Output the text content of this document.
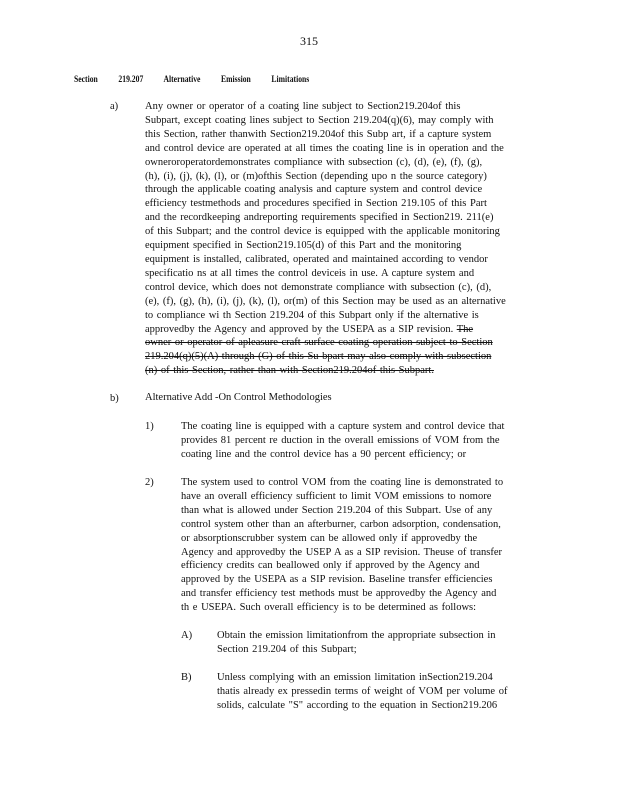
315
Section 219.207 Alternative Emission Limitations
a)	Any owner or operator of a coating line subject to Section219.204of this
Subpart, except coating lines subject to Section 219.204(q)(6), may comply with
this Section, rather thanwith Section219.204of this Subp art, if a capture system
and control device are operated at all times the coating line is in operation and the
owneroroperatordemonstrates compliance with subsection (c), (d), (e), (f), (g),
(h), (i), (j), (k), (l), or (m)ofthis Section (depending upo n the source category)
through the applicable coating analysis and capture system and control device
efficiency testmethods and procedures specified in Section 219.105 of this Part
and the recordkeeping andreporting requirements specified in Section219. 211(e)
of this Subpart; and the control device is equipped with the applicable monitoring
equipment specified in Section219.105(d) of this Part and the monitoring
equipment is installed, calibrated, operated and maintained according to vendor
specificatio ns at all times the control deviceis in use. A capture system and
control device, which does not demonstrate compliance with subsection (c), (d),
(e), (f), (g), (h), (i), (j), (k), (l), or(m) of this Section may be used as an alternative
to compliance wi th Section 219.204 of this Subpart only if the alternative is
approvedby the Agency and approved by the USEPA as a SIP revision. The
owner or operator of apleasure craft surface coating operation subject to Section
219.204(q)(5)(A) through (G) of this Su bpart may also comply with subsection
(n) of this Section, rather than with Section219.204of this Subpart.
b)	Alternative Add -On Control Methodologies
1)	The coating line is equipped with a capture system and control device that
provides 81 percent re duction in the overall emissions of VOM from the
coating line and the control device has a 90 percent efficiency; or
2)	The system used to control VOM from the coating line is demonstrated to
have an overall efficiency sufficient to limit VOM emissions to nomore
than what is allowed under Section 219.204 of this Subpart. Use of any
control system other than an afterburner, carbon adsorption, condensation,
or absorptionscrubber system can be allowed only if approvedby the
Agency and approvedby the USEP A as a SIP revision. Theuse of transfer
efficiency credits can beallowed only if approved by the Agency and
approved by the USEPA as a SIP revision. Baseline transfer efficiencies
and transfer efficiency test methods must be approvedby the Agency and
th e USEPA. Such overall efficiency is to be determined as follows:
A) Obtain the emission limitationfrom the appropriate subsection in
Section 219.204 of this Subpart;
B) Unless complying with an emission limitation inSection219.204
thatis already ex pressedin terms of weight of VOM per volume of
solids, calculate "S" according to the equation in Section219.206
